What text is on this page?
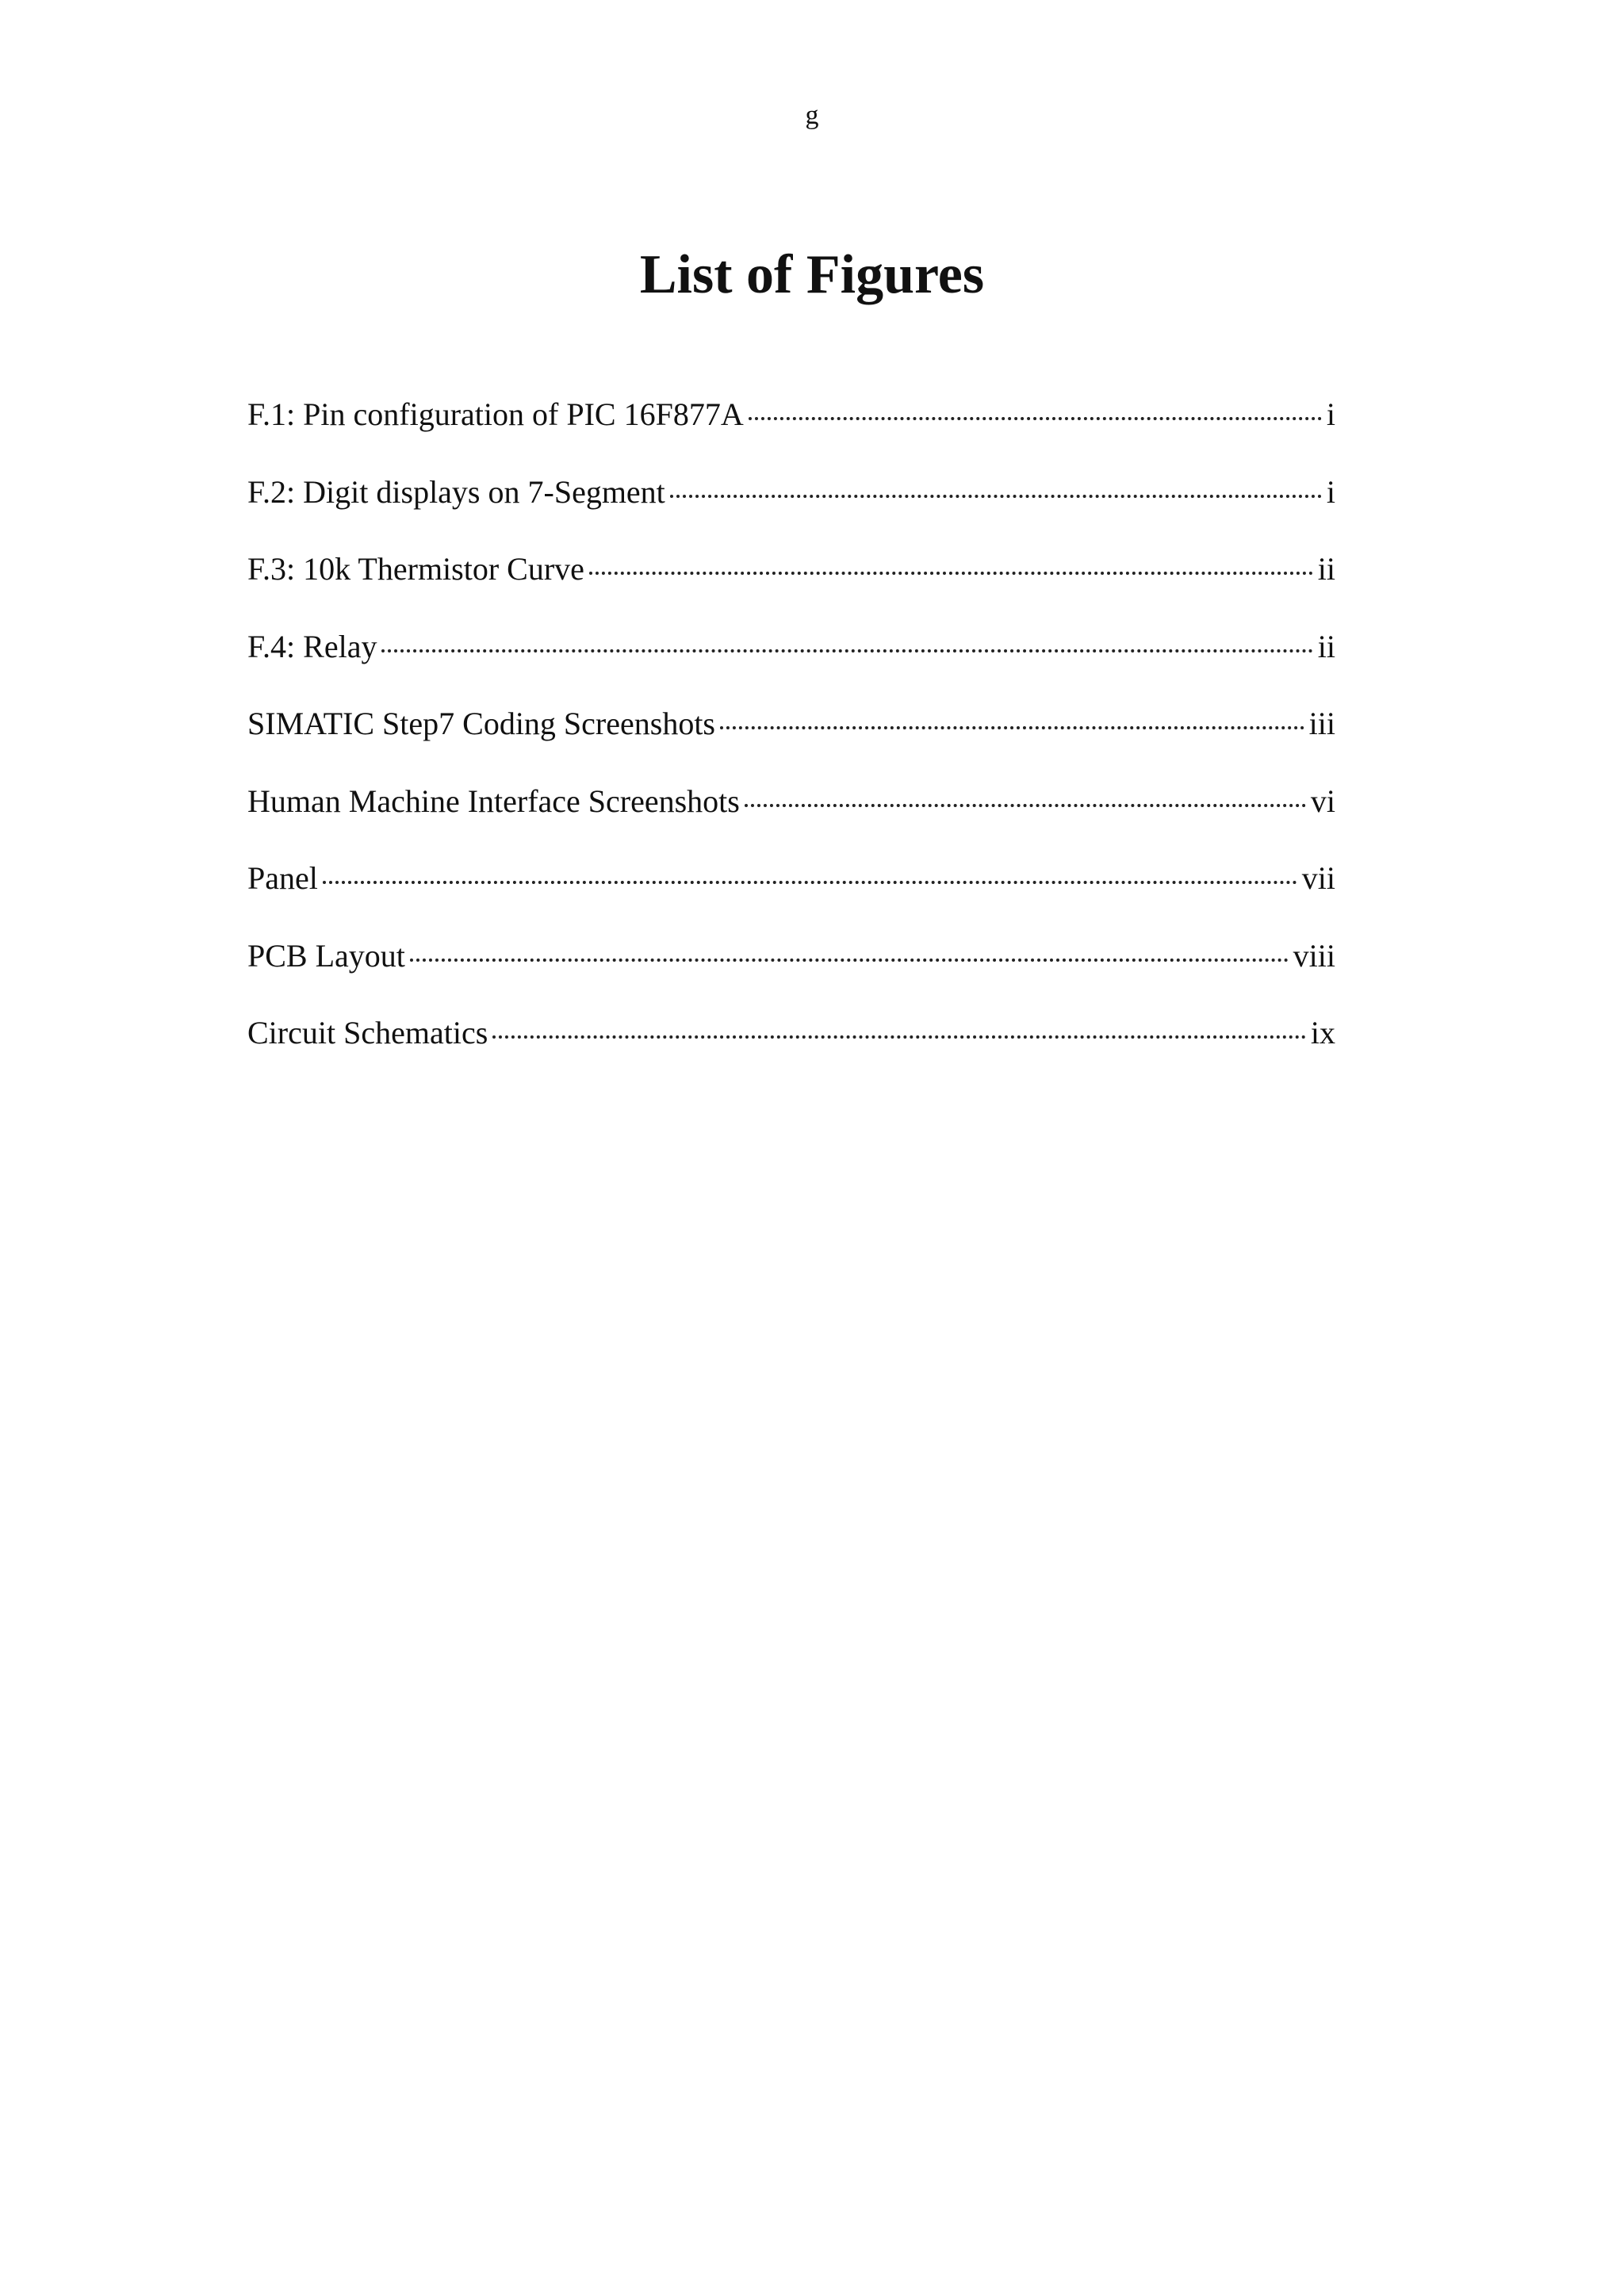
g
List of Figures
F.1: Pin configuration of PIC 16F877A	i
F.2: Digit displays on 7-Segment	i
F.3: 10k Thermistor Curve	ii
F.4: Relay	ii
SIMATIC Step7 Coding Screenshots	iii
Human Machine Interface Screenshots	vi
Panel	vii
PCB Layout	viii
Circuit Schematics	ix
